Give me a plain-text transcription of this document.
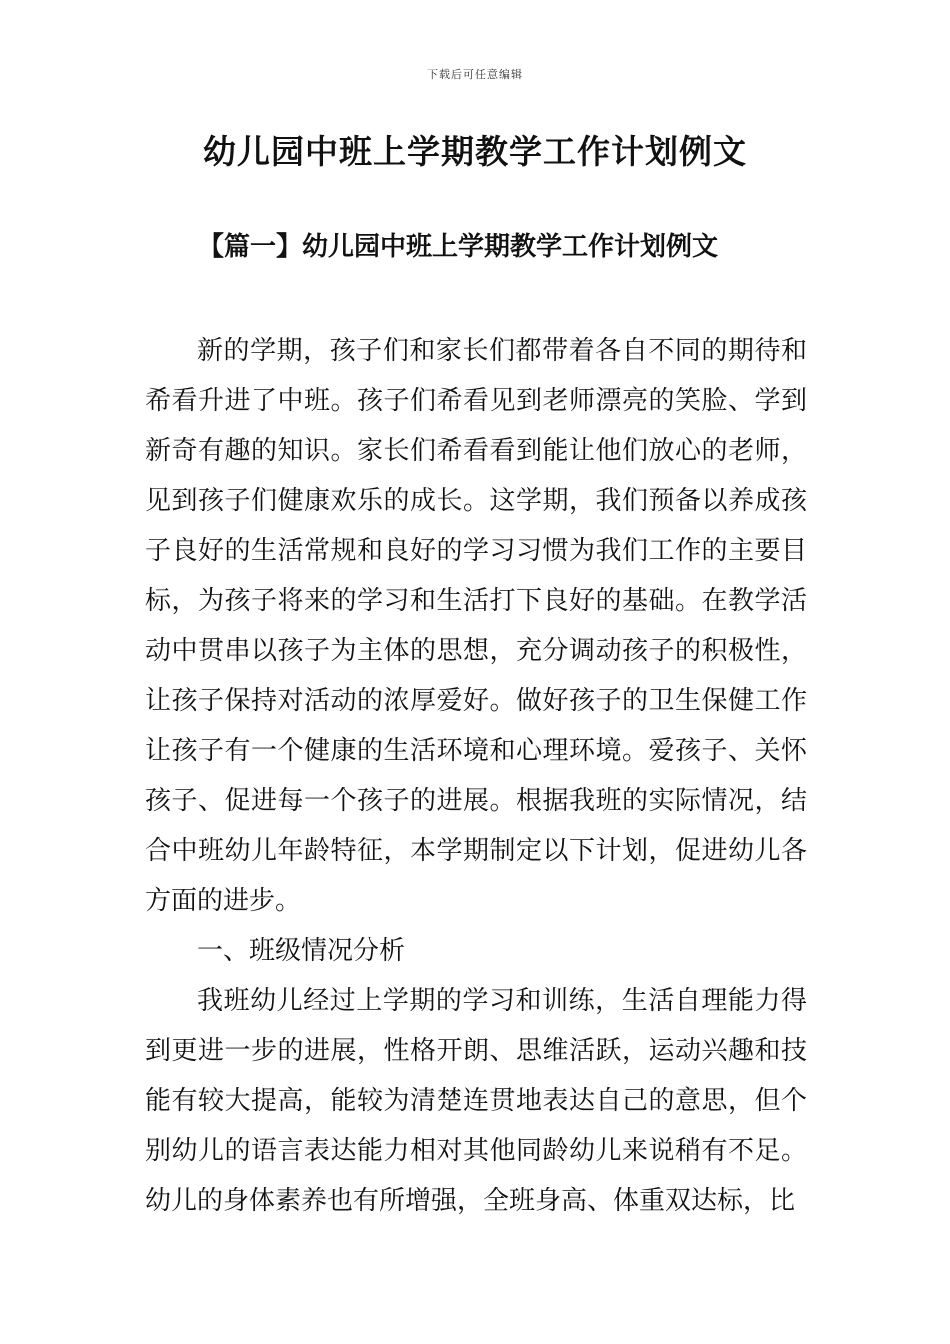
下载后可任意编辑
幼儿园中班上学期教学工作计划例文
【篇一】幼儿园中班上学期教学工作计划例文

新的学期，孩子们和家长们都带着各自不同的期待和希看升进了中班。孩子们希看见到老师漂亮的笑脸、学到新奇有趣的知识。家长们希看看到能让他们放心的老师，见到孩子们健康欢乐的成长。这学期，我们预备以养成孩子良好的生活常规和良好的学习习惯为我们工作的主要目标，为孩子将来的学习和生活打下良好的基础。在教学活动中贯串以孩子为主体的思想，充分调动孩子的积极性，让孩子保持对活动的浓厚爱好。做好孩子的卫生保健工作让孩子有一个健康的生活环境和心理环境。爱孩子、关怀孩子、促进每一个孩子的进展。根据我班的实际情况，结合中班幼儿年龄特征，本学期制定以下计划，促进幼儿各方面的进步。

一、班级情况分析

我班幼儿经过上学期的学习和训练，生活自理能力得到更进一步的进展，性格开朗、思维活跃，运动兴趣和技能有较大提高，能较为清楚连贯地表达自己的意思，但个别幼儿的语言表达能力相对其他同龄幼儿来说稍有不足。幼儿的身体素养也有所增强，全班身高、体重双达标，比
